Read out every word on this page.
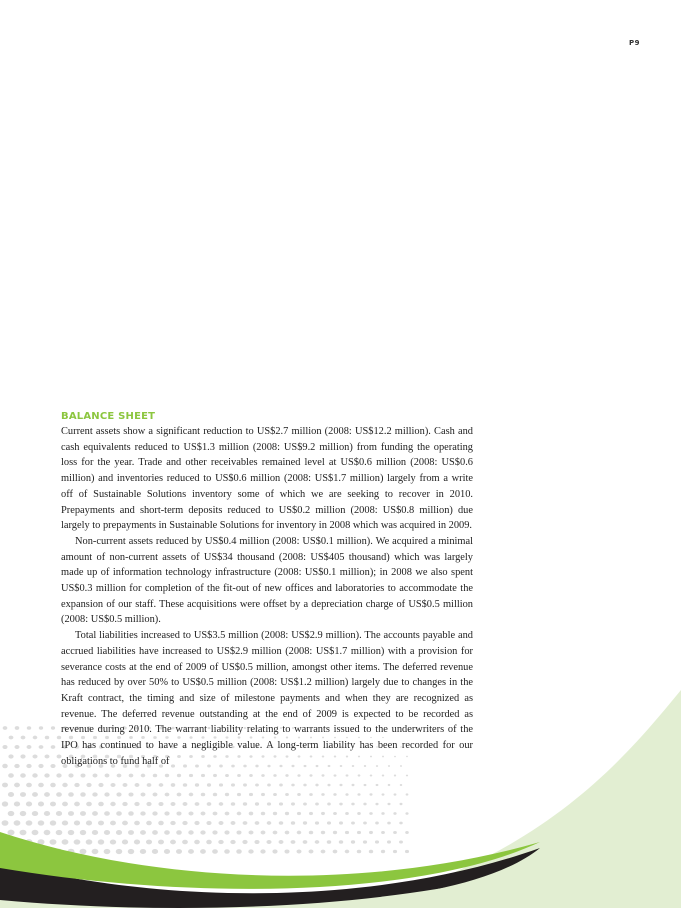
P9
BALANCE SHEET

Current assets show a significant reduction to US$2.7 million (2008: US$12.2 million). Cash and cash equivalents reduced to US$1.3 million (2008: US$9.2 million) from funding the operating loss for the year. Trade and other receivables remained level at US$0.6 million (2008: US$0.6 million) and inventories reduced to US$0.6 million (2008: US$1.7 million) largely from a write off of Sustainable Solutions inventory some of which we are seeking to recover in 2010. Prepayments and short-term deposits reduced to US$0.2 million (2008: US$0.8 million) due largely to prepayments in Sustainable Solutions for inventory in 2008 which was acquired in 2009.

Non-current assets reduced by US$0.4 million (2008: US$0.1 million). We acquired a minimal amount of non-current assets of US$34 thousand (2008: US$405 thousand) which was largely made up of information technology infrastructure (2008: US$0.1 million); in 2008 we also spent US$0.3 million for completion of the fit-out of new offices and laboratories to accommodate the expansion of our staff. These acquisitions were offset by a depreciation charge of US$0.5 million (2008: US$0.5 million).

Total liabilities increased to US$3.5 million (2008: US$2.9 million). The accounts payable and accrued liabilities have increased to US$2.9 million (2008: US$1.7 million) with a provision for severance costs at the end of 2009 of US$0.5 million, amongst other items. The deferred revenue has reduced by over 50% to US$0.5 million (2008: US$1.2 million) largely due to changes in the Kraft contract, the timing and size of milestone payments and when they are recognized as revenue. The deferred revenue outstanding at the end of 2009 is expected to be recorded as revenue during 2010. The warrant liability relating to warrants issued to the underwriters of the IPO has continued to have a negligible value. A long-term liability has been recorded for our obligations to fund half of
